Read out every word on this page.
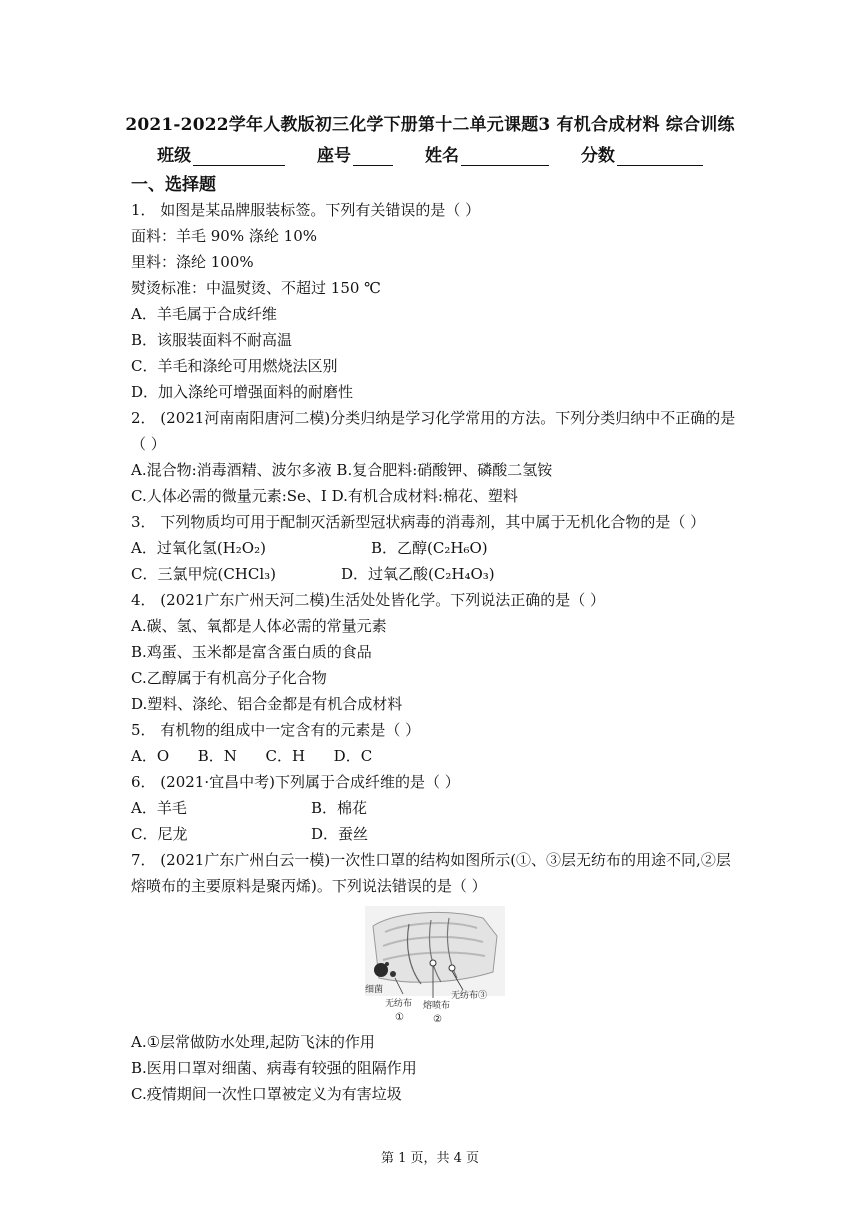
2021-2022学年人教版初三化学下册第十二单元课题3 有机合成材料 综合训练
班级	座号	姓名	分数
一、选择题
1． 如图是某品牌服装标签。下列有关错误的是（ ）
面料：羊毛 90% 涤纶 10%
里料：涤纶 100%
熨烫标准：中温熨烫、不超过 150 ℃
A．羊毛属于合成纤维
B．该服装面料不耐高温
C．羊毛和涤纶可用燃烧法区别
D．加入涤纶可增强面料的耐磨性
2． (2021河南南阳唐河二模)分类归纳是学习化学常用的方法。下列分类归纳中不正确的是
（ ）
A.混合物:消毒酒精、波尔多液 B.复合肥料:硝酸钾、磷酸二氢铵
C.人体必需的微量元素:Se、I D.有机合成材料:棉花、塑料
3． 下列物质均可用于配制灭活新型冠状病毒的消毒剂，其中属于无机化合物的是（ ）
A．过氧化氢(H₂O₂)	B．乙醇(C₂H₆O)
C．三氯甲烷(CHCl₃)	D．过氧乙酸(C₂H₄O₃)
4． (2021广东广州天河二模)生活处处皆化学。下列说法正确的是（ ）
A.碳、氢、氧都是人体必需的常量元素
B.鸡蛋、玉米都是富含蛋白质的食品
C.乙醇属于有机高分子化合物
D.塑料、涤纶、铝合金都是有机合成材料
5． 有机物的组成中一定含有的元素是（ ）
A．O      B．N      C．H      D．C
6． (2021·宜昌中考)下列属于合成纤维的是（ ）
A．羊毛	B．棉花
C．尼龙	D．蚕丝
7． (2021广东广州白云一模)一次性口罩的结构如图所示(①、③层无纺布的用途不同,②层
熔喷布的主要原料是聚丙烯)。下列说法错误的是（ ）
细菌
无纺布
①
熔喷布
②
无纺布③
A.①层常做防水处理,起防飞沫的作用
B.医用口罩对细菌、病毒有较强的阻隔作用
C.疫情期间一次性口罩被定义为有害垃圾
第 1 页，共 4 页
